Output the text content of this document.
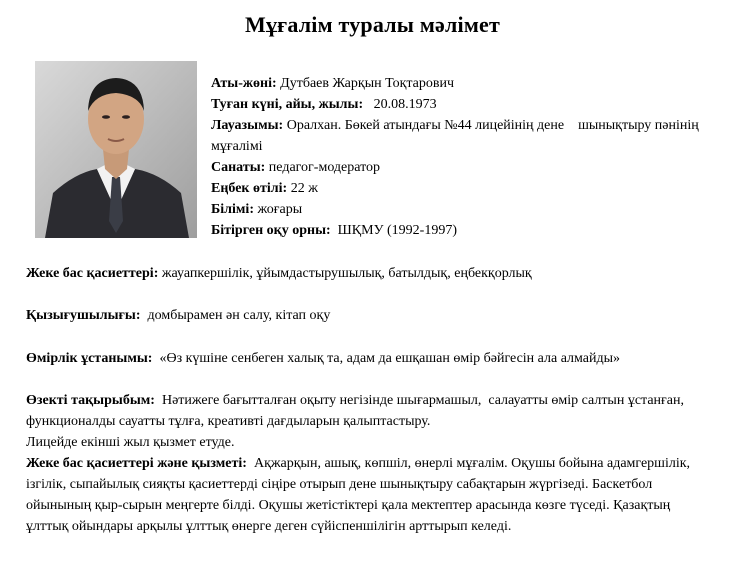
Мұғалім туралы мәлімет
Аты-жөні: Дутбаев Жарқын Тоқтарович
Туған күні, айы, жылы: 20.08.1973
Лауазымы: Оралхан. Бөкей атындағы №44 лицейінің дене    шынықтыру пәнінің мұғалімі
Санаты: педагог-модератор
Еңбек өтілі: 22 ж
Білімі: жоғары
Бітірген оқу орны: ШҚМУ (1992-1997)
Жеке бас қасиеттері: жауапкершілік, ұйымдастырушылық, батылдық, еңбекқорлық
Қызығушылығы: домбырамен ән салу, кітап оқу
Өмірлік ұстанымы: «Өз күшіне сенбеген халық та, адам да ешқашан өмір бәйгесін ала алмайды»
Өзекті тақырыбым: Нәтижеге бағытталған оқыту негізінде шығармашыл,  салауатты өмір салтын ұстанған, функционалды сауатты тұлға, креативті дағдыларын қалыптастыру.
Лицейде екінші жыл қызмет етуде.
Жеке бас қасиеттері және қызметі: Ақжарқын, ашық, көпшіл, өнерлі мұғалім. Оқушы бойына адамгершілік, ізгілік, сыпайылық сияқты қасиеттерді сіңіре отырып дене шынықтыру сабақтарын жүргізеді. Баскетбол ойынының қыр-сырын меңгерте білді. Оқушы жетістіктері қала мектептер арасында көзге түседі. Қазақтың ұлттық ойындары арқылы ұлттық өнерге деген сүйіспеншілігін арттырып келеді.
